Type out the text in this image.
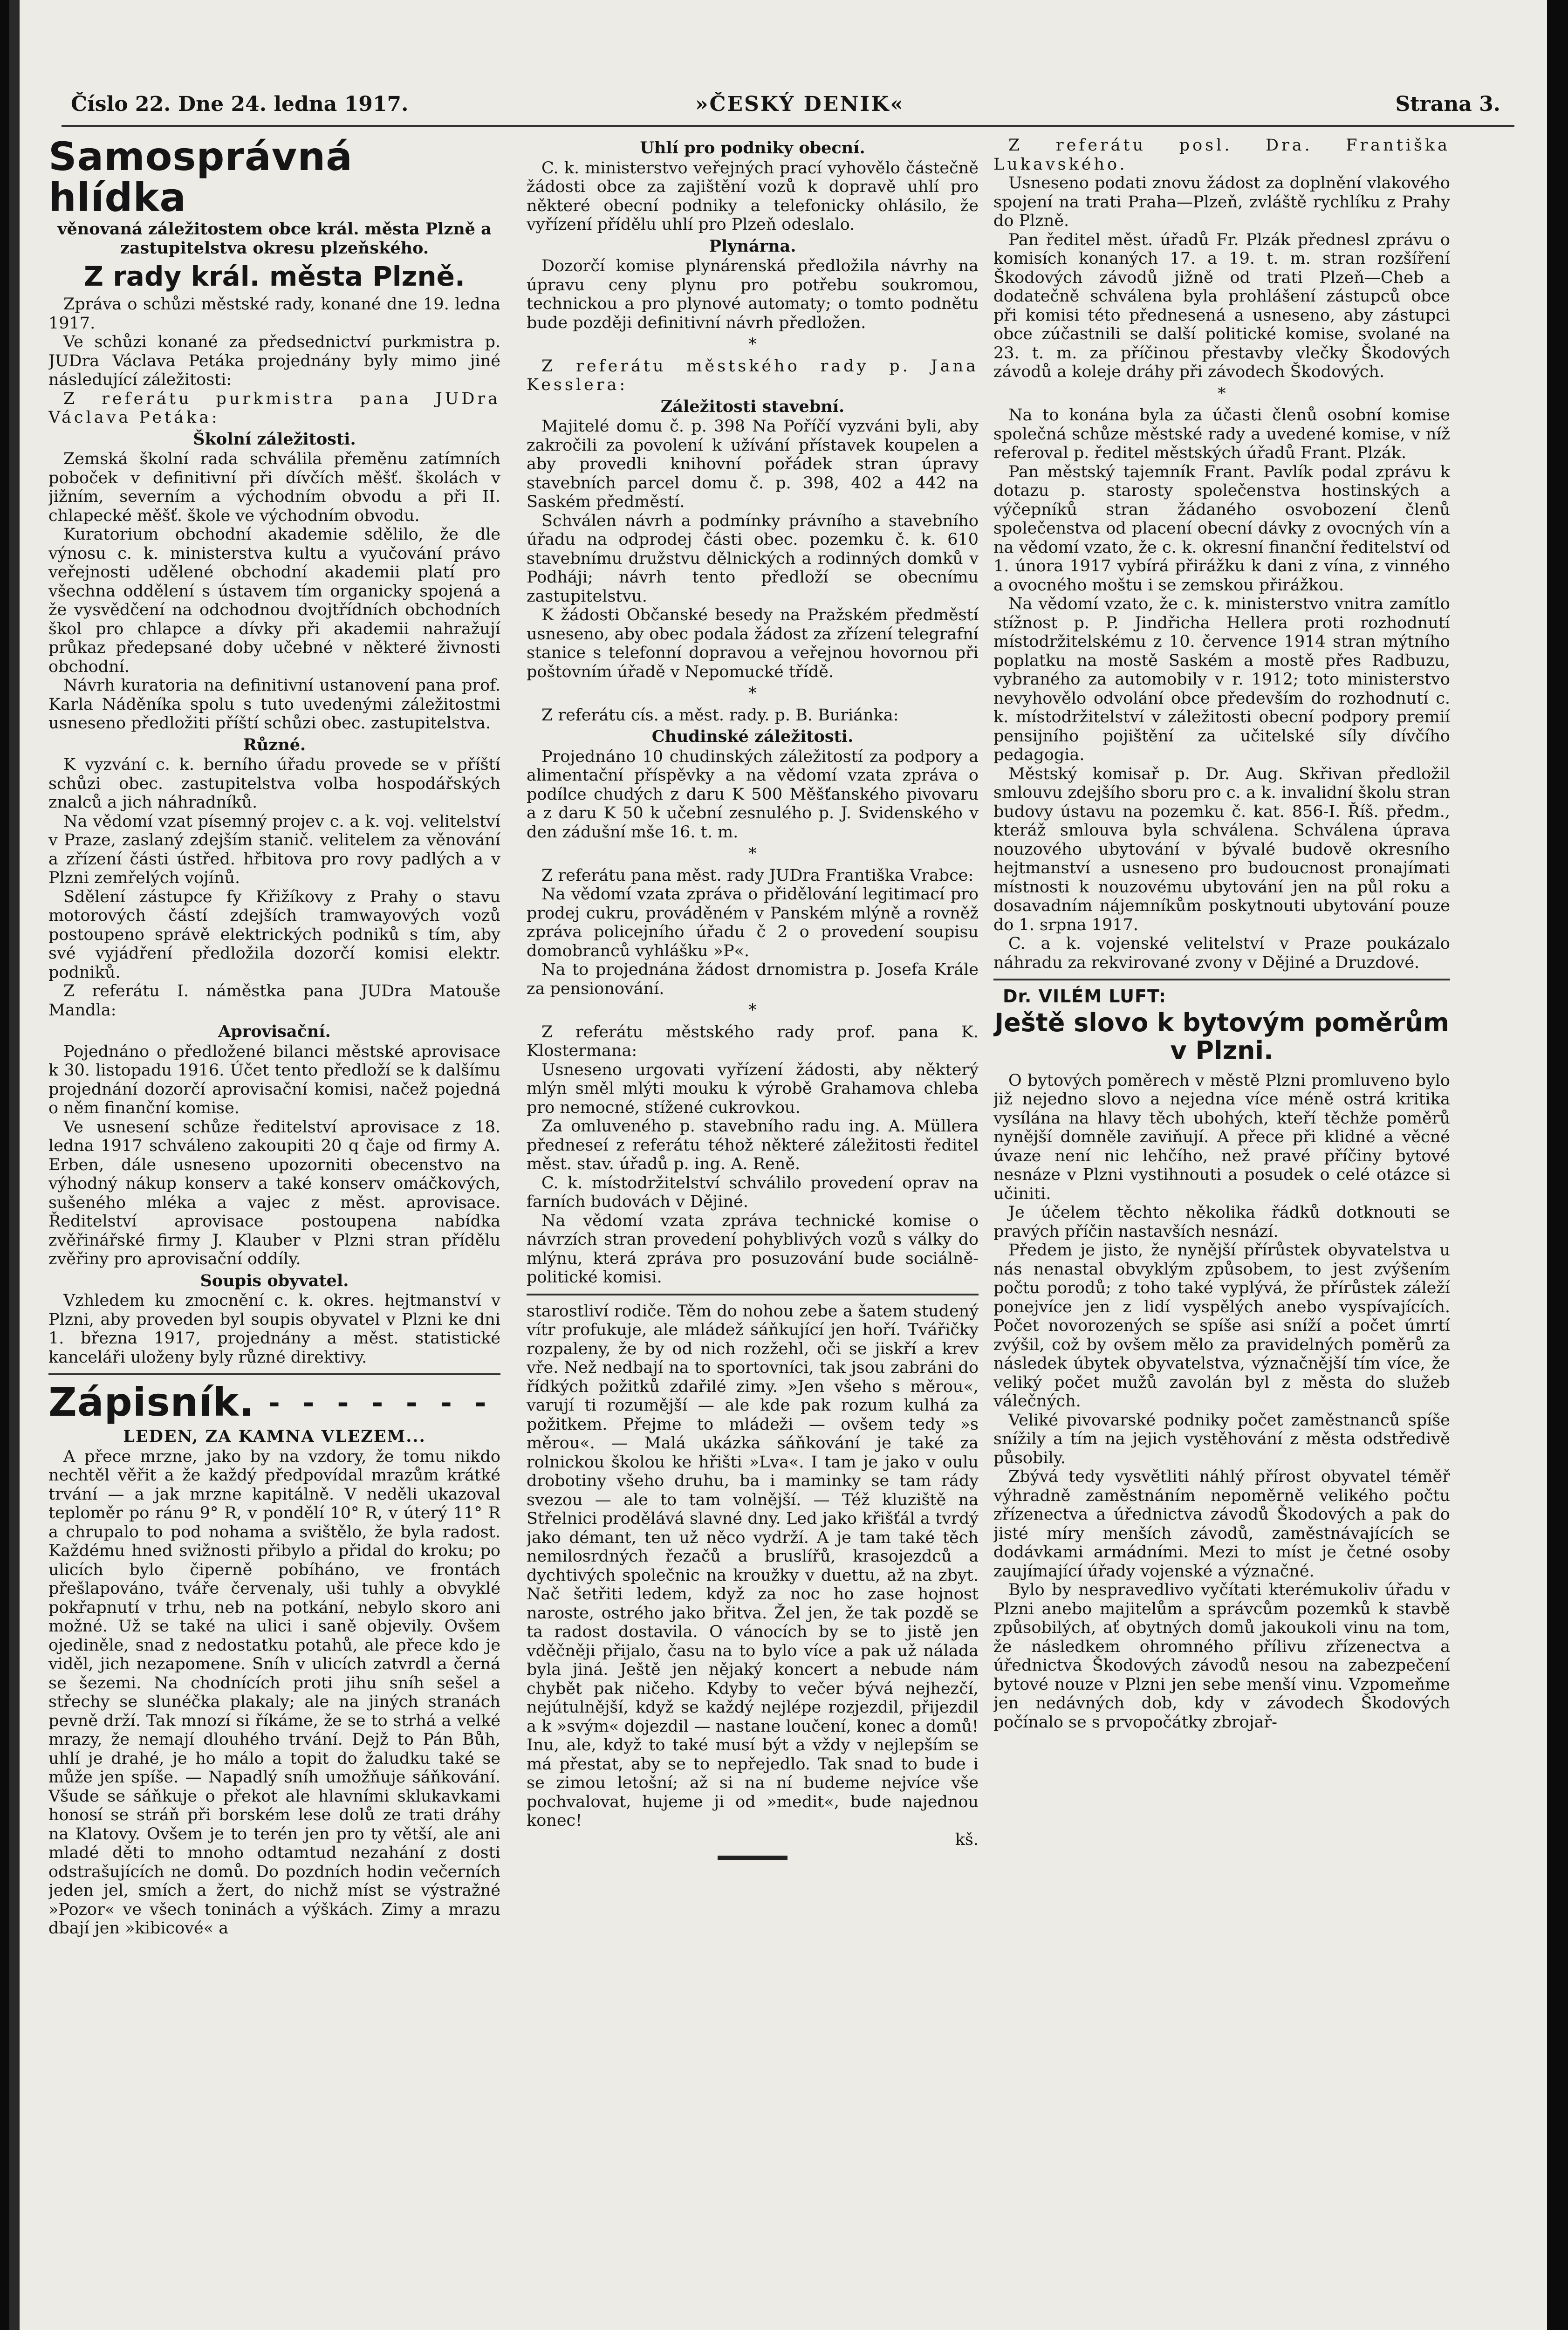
Číslo 22. Dne 24. ledna 1917.	»ČESKÝ DENIK«	Strana 3.
Samosprávná hlídka
věnovaná záležitostem obce král. města Plzně a zastupitelstva okresu plzeňského.
Z rady král. města Plzně.

Zpráva o schůzi městské rady, konané dne 19. ledna 1917.

Ve schůzi konané za předsednictví purkmistra p. JUDra Václava Petáka projednány byly mimo jiné následující záležitosti:

Z referátu purkmistra pana JUDra Václava Petáka:

Školní záležitosti.

Zemská školní rada schválila přeměnu zatímních poboček v definitivní při dívčích měšť. školách v jižním, severním a východním obvodu a při II. chlapecké měšť. škole ve východním obvodu.

Kuratorium obchodní akademie sdělilo, že dle výnosu c. k. ministerstva kultu a vyučování právo veřejnosti udělené obchodní akademii platí pro všechna oddělení s ústavem tím organicky spojená a že vysvědčení na odchodnou dvojtřídních obchodních škol pro chlapce a dívky při akademii nahražují průkaz předepsané doby učebné v některé živnosti obchodní.

Návrh kuratoria na definitivní ustanovení pana prof. Karla Náděníka spolu s tuto uvedenými záležitostmi usneseno předložiti příští schůzi obec. zastupitelstva.

Různé.

K vyzvání c. k. berního úřadu provede se v příští schůzi obec. zastupitelstva volba hospodářských znalců a jich náhradníků.

Na vědomí vzat písemný projev c. a k. voj. velitelství v Praze, zaslaný zdejším stanič. velitelem za věnování a zřízení části ústřed. hřbitova pro rovy padlých a v Plzni zemřelých vojínů.

Sdělení zástupce fy Křižíkovy z Prahy o stavu motorových částí zdejších tramwayových vozů postoupeno správě elektrických podniků s tím, aby své vyjádření předložila dozorčí komisi elektr. podniků.

Z referátu I. náměstka pana JUDra Matouše Mandla:

Aprovisační.

Pojednáno o předložené bilanci městské aprovisace k 30. listopadu 1916. Účet tento předloží se k dalšímu projednání dozorčí aprovisační komisi, načež pojedná o něm finanční komise.

Ve usnesení schůze ředitelství aprovisace z 18. ledna 1917 schváleno zakoupiti 20 q čaje od firmy A. Erben, dále usneseno upozorniti obecenstvo na výhodný nákup konserv a také konserv omáčkových, sušeného mléka a vajec z měst. aprovisace. Ředitelství aprovisace postoupena nabídka zvěřinářské firmy J. Klauber v Plzni stran přídělu zvěřiny pro aprovisační oddíly.

Soupis obyvatel.

Vzhledem ku zmocnění c. k. okres. hejtmanství v Plzni, aby proveden byl soupis obyvatel v Plzni ke dni 1. března 1917, projednány a měst. statistické kanceláři uloženy byly různé direktivy.

Zápisník. - - - - - - -
LEDEN, ZA KAMNA VLEZEM...

A přece mrzne, jako by na vzdory, že tomu nikdo nechtěl věřit a že každý předpovídal mrazům krátké trvání — a jak mrzne kapitálně. V neděli ukazoval teploměr po ránu 9° R, v pondělí 10° R, v úterý 11° R a chrupalo to pod nohama a svištělo, že byla radost. Každému hned svižnosti přibylo a přidal do kroku; po ulicích bylo čiperně pobíháno, ve frontách přešlapováno, tváře červenaly, uši tuhly a obvyklé pokřapnutí v trhu, neb na potkání, nebylo skoro ani možné. Už se také na ulici i saně objevily. Ovšem ojediněle, snad z nedostatku potahů, ale přece kdo je viděl, jich nezapomene. Sníh v ulicích zatvrdl a černá se šezemi. Na chodnících proti jihu sníh sešel a střechy se slunéčka plakaly; ale na jiných stranách pevně drží. Tak mnozí si říkáme, že se to strhá a velké mrazy, že nemají dlouhého trvání. Dejž to Pán Bůh, uhlí je drahé, je ho málo a topit do žaludku také se může jen spíše. — Napadlý sníh umožňuje sáňkování. Všude se sáňkuje o překot ale hlavními sklukavkami honosí se stráň při borském lese dolů ze trati dráhy na Klatovy. Ovšem je to terén jen pro ty větší, ale ani mladé děti to mnoho odtamtud nezahání z dosti odstrašujících ne domů. Do pozdních hodin večerních jeden jel, smích a žert, do nichž míst se výstražné »Pozor« ve všech toninách a výškách. Zimy a mrazu dbají jen »kibicové« a

Uhlí pro podniky obecní.

C. k. ministerstvo veřejných prací vyhovělo částečně žádosti obce za zajištění vozů k dopravě uhlí pro některé obecní podniky a telefonicky ohlásilo, že vyřízení přídělu uhlí pro Plzeň odeslalo.

Plynárna.

Dozorčí komise plynárenská předložila návrhy na úpravu ceny plynu pro potřebu soukromou, technickou a pro plynové automaty; o tomto podnětu bude později definitivní návrh předložen.

*

Z referátu městského rady p. Jana Kesslera:

Záležitosti stavební.

Majitelé domu č. p. 398 Na Poříčí vyzváni byli, aby zakročili za povolení k užívání přístavek koupelen a aby provedli knihovní pořádek stran úpravy stavebních parcel domu č. p. 398, 402 a 442 na Saském předměstí.

Schválen návrh a podmínky právního a stavebního úřadu na odprodej části obec. pozemku č. k. 610 stavebnímu družstvu dělnických a rodinných domků v Podháji; návrh tento předloží se obecnímu zastupitelstvu.

K žádosti Občanské besedy na Pražském předměstí usneseno, aby obec podala žádost za zřízení telegrafní stanice s telefonní dopravou a veřejnou hovornou při poštovním úřadě v Nepomucké třídě.

*

Z referátu cís. a měst. rady. p. B. Buriánka:

Chudinské záležitosti.

Projednáno 10 chudinských záležitostí za podpory a alimentační příspěvky a na vědomí vzata zpráva o podílce chudých z daru K 500 Měšťanského pivovaru a z daru K 50 k učební zesnulého p. J. Svidenského v den zádušní mše 16. t. m.

*

Z referátu pana měst. rady JUDra Františka Vrabce:

Na vědomí vzata zpráva o přidělování legitimací pro prodej cukru, prováděném v Panském mlýně a rovněž zpráva policejního úřadu č 2 o provedení soupisu domobranců vyhlášku »P«.

Na to projednána žádost drnomistra p. Josefa Krále za pensionování.

*

Z referátu městského rady prof. pana K. Klostermana:

Usneseno urgovati vyřízení žádosti, aby některý mlýn směl mlýti mouku k výrobě Grahamova chleba pro nemocné, stížené cukrovkou.

Za omluveného p. stavebního radu ing. A. Müllera předneseí z referátu téhož některé záležitosti ředitel měst. stav. úřadů p. ing. A. Reně.

C. k. místodržitelství schválilo provedení oprav na farních budovách v Dějiné.

Na vědomí vzata zpráva technické komise o návrzích stran provedení pohyblivých vozů s války do mlýnu, která zpráva pro posuzování bude sociálně-politické komisi.

starostliví rodiče. Těm do nohou zebe a šatem studený vítr profukuje, ale mládež sáňkující jen hoří. Tvářičky rozpaleny, že by od nich rozžehl, oči se jiskří a krev vře. Než nedbají na to sportovníci, tak jsou zabráni do řídkých požitků zdařilé zimy. »Jen všeho s měrou«, varují ti rozumější — ale kde pak rozum kulhá za požitkem. Přejme to mládeži — ovšem tedy »s měrou«. — Malá ukázka sáňkování je také za rolnickou školou ke hřišti »Lva«. I tam je jako v oulu drobotiny všeho druhu, ba i maminky se tam rády svezou — ale to tam volnější. — Též kluziště na Střelnici prodělává slavné dny. Led jako křišťál a tvrdý jako démant, ten už něco vydrží. A je tam také těch nemilosrdných řezačů a bruslířů, krasojezdců a dychtivých společnic na kroužky v duettu, až na zbyt. Nač šetřiti ledem, když za noc ho zase hojnost naroste, ostrého jako břitva. Žel jen, že tak pozdě se ta radost dostavila. O vánocích by se to jistě jen vděčněji přijalo, času na to bylo více a pak už nálada byla jiná. Ještě jen nějaký koncert a nebude nám chybět pak ničeho. Kdyby to večer bývá nejhezčí, nejútulnější, když se každý nejlépe rozjezdil, přijezdil a k »svým« dojezdil — nastane loučení, konec a domů! Inu, ale, když to také musí být a vždy v nejlepším se má přestat, aby se to nepřejedlo. Tak snad to bude i se zimou letošní; až si na ní budeme nejvíce vše pochvalovat, hujeme ji od »medit«, bude najednou konec!

kš.

Z referátu posl. Dra. Františka Lukavského.

Usneseno podati znovu žádost za doplnění vlakového spojení na trati Praha—Plzeň, zvláště rychlíku z Prahy do Plzně.

Pan ředitel měst. úřadů Fr. Plzák přednesl zprávu o komisích konaných 17. a 19. t. m. stran rozšíření Škodových závodů jižně od trati Plzeň—Cheb a dodatečně schválena byla prohlášení zástupců obce při komisi této přednesená a usneseno, aby zástupci obce zúčastnili se další politické komise, svolané na 23. t. m. za příčinou přestavby vlečky Škodových závodů a koleje dráhy při závodech Škodových.

*

Na to konána byla za účasti členů osobní komise společná schůze městské rady a uvedené komise, v níž referoval p. ředitel městských úřadů Frant. Plzák.

Pan městský tajemník Frant. Pavlík podal zprávu k dotazu p. starosty společenstva hostinských a výčepníků stran žádaného osvobození členů společenstva od placení obecní dávky z ovocných vín a na vědomí vzato, že c. k. okresní finanční ředitelství od 1. února 1917 vybírá přirážku k dani z vína, z vinného a ovocného moštu i se zemskou přirážkou.

Na vědomí vzato, že c. k. ministerstvo vnitra zamítlo stížnost p. P. Jindřicha Hellera proti rozhodnutí místodržitelskému z 10. července 1914 stran mýtního poplatku na mostě Saském a mostě přes Radbuzu, vybraného za automobily v r. 1912; toto ministerstvo nevyhovělo odvolání obce především do rozhodnutí c. k. místodržitelství v záležitosti obecní podpory premií pensijního pojištění za učitelské síly dívčího pedagogia.

Městský komisař p. Dr. Aug. Skřivan předložil smlouvu zdejšího sboru pro c. a k. invalidní školu stran budovy ústavu na pozemku č. kat. 856-I. Říš. předm., kteráž smlouva byla schválena. Schválena úprava nouzového ubytování v bývalé budově okresního hejtmanství a usneseno pro budoucnost pronajímati místnosti k nouzovému ubytování jen na půl roku a dosavadním nájemníkům poskytnouti ubytování pouze do 1. srpna 1917.

C. a k. vojenské velitelství v Praze poukázalo náhradu za rekvirované zvony v Dějiné a Druzdové.

Dr. VILÉM LUFT:
Ještě slovo k bytovým poměrům v Plzni.

O bytových poměrech v městě Plzni promluveno bylo již nejedno slovo a nejedna více méně ostrá kritika vysílána na hlavy těch ubohých, kteří těchže poměrů nynější domněle zaviňují. A přece při klidné a věcné úvaze není nic lehčího, než pravé příčiny bytové nesnáze v Plzni vystihnouti a posudek o celé otázce si učiniti.

Je účelem těchto několika řádků dotknouti se pravých příčin nastavších nesnází.

Předem je jisto, že nynější přírůstek obyvatelstva u nás nenastal obvyklým způsobem, to jest zvýšením počtu porodů; z toho také vyplývá, že přírůstek záleží ponejvíce jen z lidí vyspělých anebo vyspívajících. Počet novorozených se spíše asi sníží a počet úmrtí zvýšil, což by ovšem mělo za pravidelných poměrů za následek úbytek obyvatelstva, význačnější tím více, že veliký počet mužů zavolán byl z města do služeb válečných.

Veliké pivovarské podniky počet zaměstnanců spíše snížily a tím na jejich vystěhování z města odstředivě působily.

Zbývá tedy vysvětliti náhlý přírost obyvatel téměř výhradně zaměstnáním nepoměrně velikého počtu zřízenectva a úřednictva závodů Škodových a pak do jisté míry menších závodů, zaměstnávajících se dodávkami armádními. Mezi to míst je četné osoby zaujímající úřady vojenské a význačné.

Bylo by nespravedlivo vyčítati kterémukoliv úřadu v Plzni anebo majitelům a správcům pozemků k stavbě způsobilých, ať obytných domů jakoukoli vinu na tom, že následkem ohromného přílivu zřízenectva a úřednictva Škodových závodů nesou na zabezpečení bytové nouze v Plzni jen sebe menší vinu. Vzpomeňme jen nedávných dob, kdy v závodech Škodových počínalo se s prvopočátky zbrojař-
